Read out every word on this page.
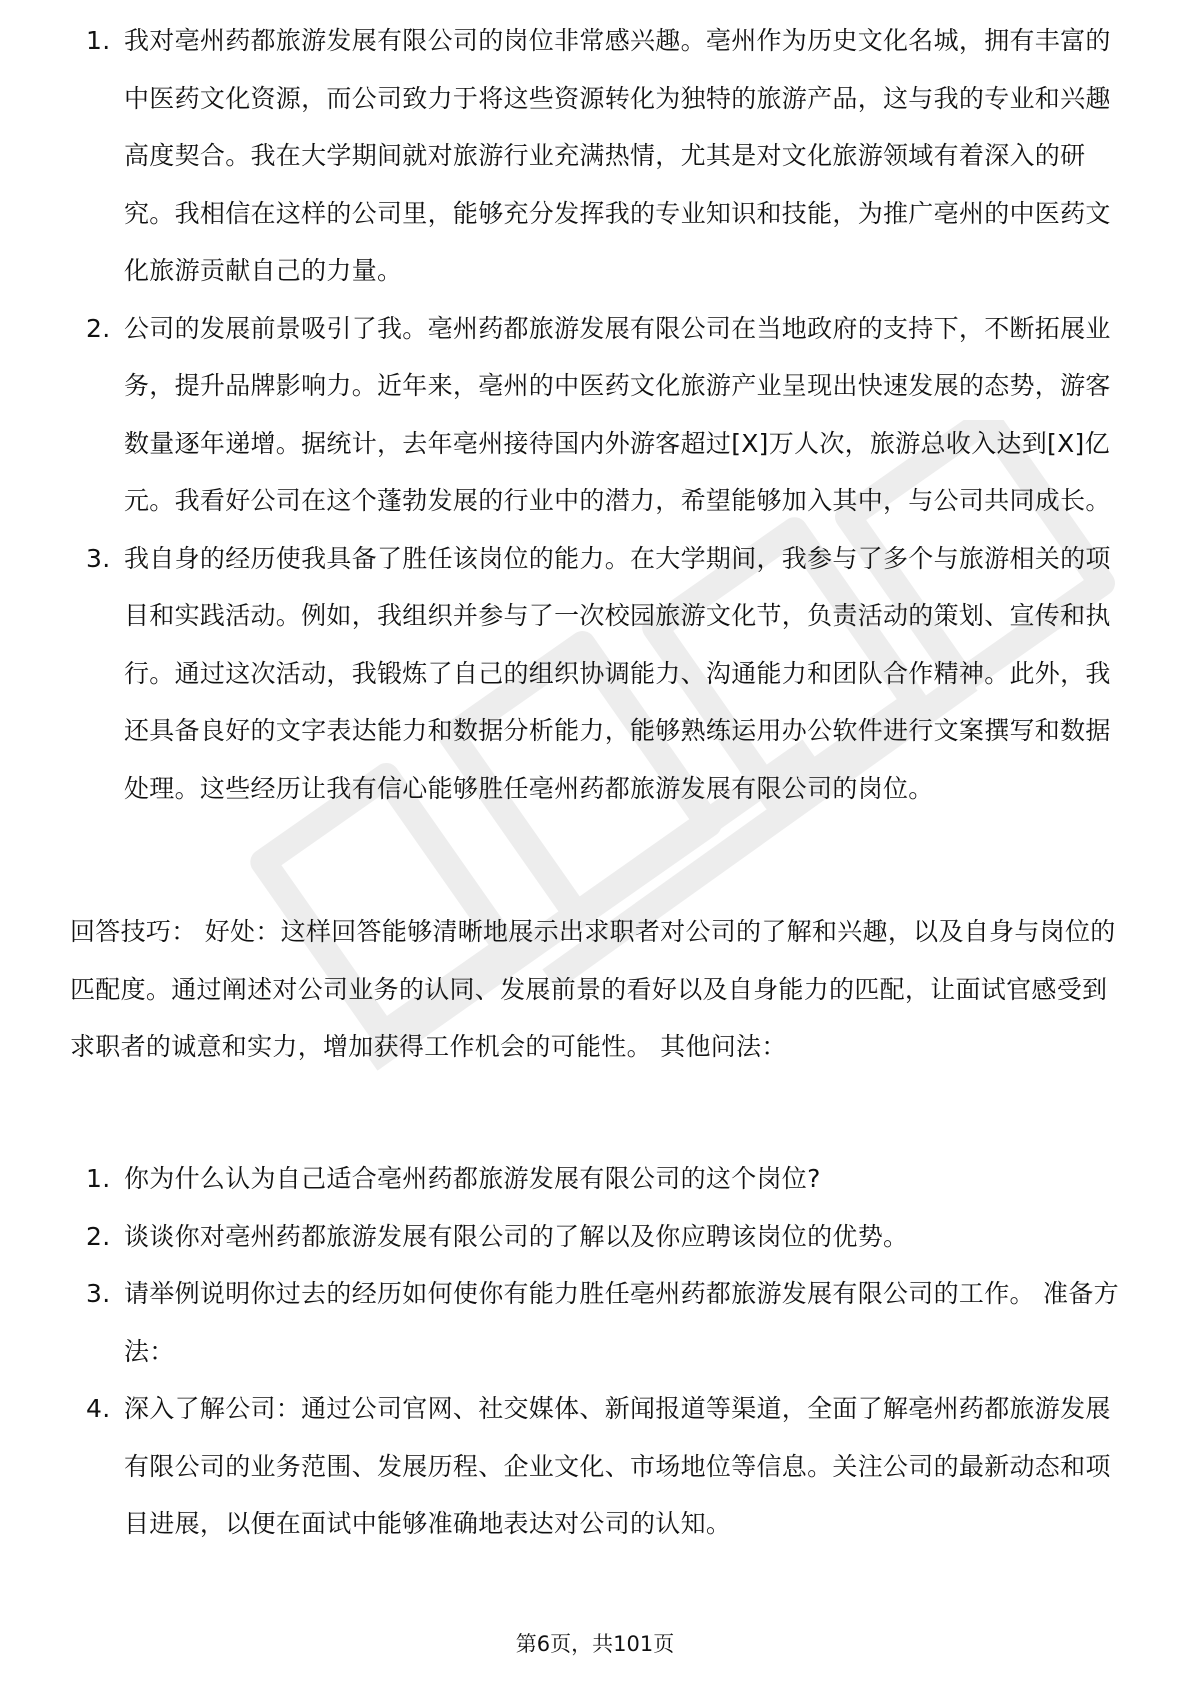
1. 我对亳州药都旅游发展有限公司的岗位非常感兴趣。亳州作为历史文化名城，拥有丰富的中医药文化资源，而公司致力于将这些资源转化为独特的旅游产品，这与我的专业和兴趣高度契合。我在大学期间就对旅游行业充满热情，尤其是对文化旅游领域有着深入的研究。我相信在这样的公司里，能够充分发挥我的专业知识和技能，为推广亳州的中医药文化旅游贡献自己的力量。
2. 公司的发展前景吸引了我。亳州药都旅游发展有限公司在当地政府的支持下，不断拓展业务，提升品牌影响力。近年来，亳州的中医药文化旅游产业呈现出快速发展的态势，游客数量逐年递增。据统计，去年亳州接待国内外游客超过[X]万人次，旅游总收入达到[X]亿元。我看好公司在这个蓬勃发展的行业中的潜力，希望能够加入其中，与公司共同成长。
3. 我自身的经历使我具备了胜任该岗位的能力。在大学期间，我参与了多个与旅游相关的项目和实践活动。例如，我组织并参与了一次校园旅游文化节，负责活动的策划、宣传和执行。通过这次活动，我锻炼了自己的组织协调能力、沟通能力和团队合作精神。此外，我还具备良好的文字表达能力和数据分析能力，能够熟练运用办公软件进行文案撰写和数据处理。这些经历让我有信心能够胜任亳州药都旅游发展有限公司的岗位。

回答技巧： 好处：这样回答能够清晰地展示出求职者对公司的了解和兴趣，以及自身与岗位的匹配度。通过阐述对公司业务的认同、发展前景的看好以及自身能力的匹配，让面试官感受到求职者的诚意和实力，增加获得工作机会的可能性。 其他问法：

1. 你为什么认为自己适合亳州药都旅游发展有限公司的这个岗位?
2. 谈谈你对亳州药都旅游发展有限公司的了解以及你应聘该岗位的优势。
3. 请举例说明你过去的经历如何使你有能力胜任亳州药都旅游发展有限公司的工作。 准备方法：
4. 深入了解公司：通过公司官网、社交媒体、新闻报道等渠道，全面了解亳州药都旅游发展有限公司的业务范围、发展历程、企业文化、市场地位等信息。关注公司的最新动态和项目进展，以便在面试中能够准确地表达对公司的认知。
第6页，共101页
